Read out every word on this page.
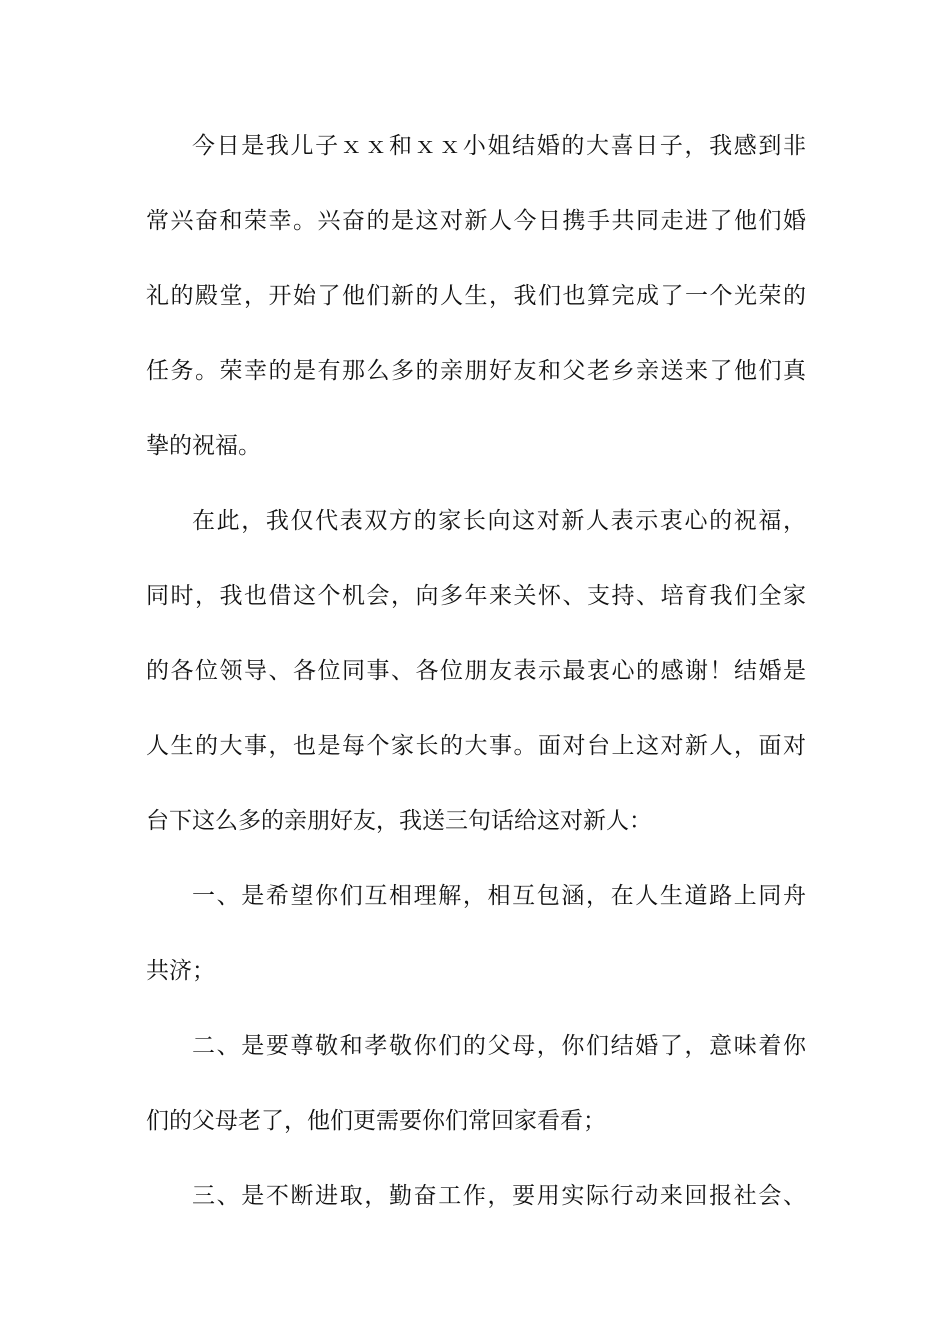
今日是我儿子ｘｘ和ｘｘ小姐结婚的大喜日子，我感到非
常兴奋和荣幸。兴奋的是这对新人今日携手共同走进了他们婚
礼的殿堂，开始了他们新的人生，我们也算完成了一个光荣的
任务。荣幸的是有那么多的亲朋好友和父老乡亲送来了他们真
挚的祝福。
在此，我仅代表双方的家长向这对新人表示衷心的祝福，
同时，我也借这个机会，向多年来关怀、支持、培育我们全家
的各位领导、各位同事、各位朋友表示最衷心的感谢！结婚是
人生的大事，也是每个家长的大事。面对台上这对新人，面对
台下这么多的亲朋好友，我送三句话给这对新人：
一、是希望你们互相理解，相互包涵，在人生道路上同舟
共济；
二、是要尊敬和孝敬你们的父母，你们结婚了，意味着你
们的父母老了，他们更需要你们常回家看看；
三、是不断进取，勤奋工作，要用实际行动来回报社会、
